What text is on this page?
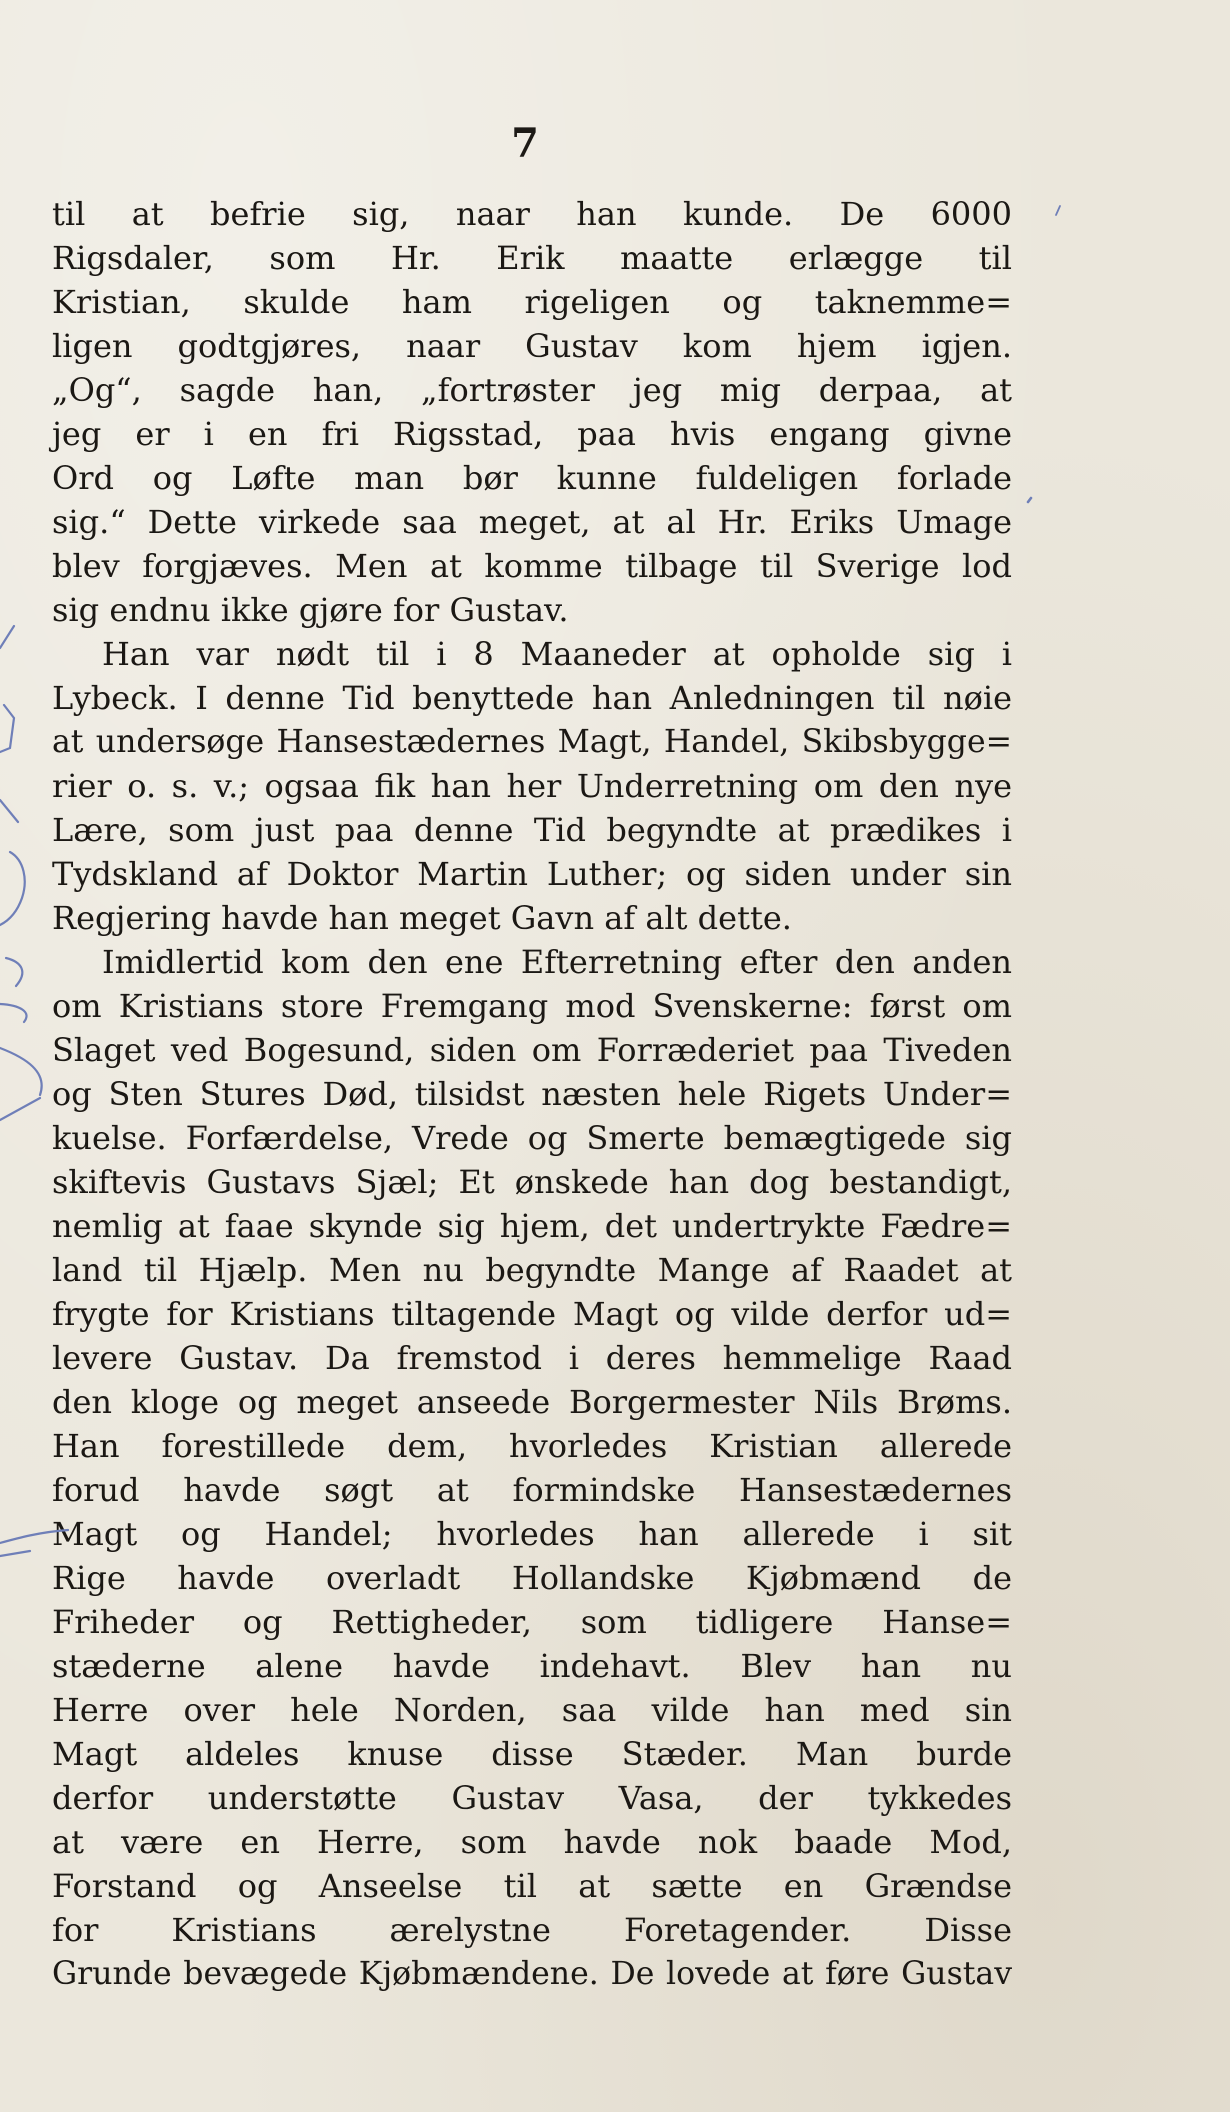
7
til at befrie sig, naar han kunde. De 6000
Rigsdaler, som Hr. Erik maatte erlægge til
Kristian, skulde ham rigeligen og taknemme=
ligen godtgjøres, naar Gustav kom hjem igjen.
„Og“, sagde han, „fortrøster jeg mig derpaa, at
jeg er i en fri Rigsstad, paa hvis engang givne
Ord og Løfte man bør kunne fuldeligen forlade
sig.“ Dette virkede saa meget, at al Hr. Eriks Umage
blev forgjæves. Men at komme tilbage til Sverige lod
sig endnu ikke gjøre for Gustav.
Han var nødt til i 8 Maaneder at opholde sig i
Lybeck. I denne Tid benyttede han Anledningen til nøie
at undersøge Hansestædernes Magt, Handel, Skibsbygge=
rier o. s. v.; ogsaa fik han her Underretning om den nye
Lære, som just paa denne Tid begyndte at prædikes i
Tydskland af Doktor Martin Luther; og siden under sin
Regjering havde han meget Gavn af alt dette.
Imidlertid kom den ene Efterretning efter den anden
om Kristians store Fremgang mod Svenskerne: først om
Slaget ved Bogesund, siden om Forræderiet paa Tiveden
og Sten Stures Død, tilsidst næsten hele Rigets Under=
kuelse. Forfærdelse, Vrede og Smerte bemægtigede sig
skiftevis Gustavs Sjæl; Et ønskede han dog bestandigt,
nemlig at faae skynde sig hjem, det undertrykte Fædre=
land til Hjælp. Men nu begyndte Mange af Raadet at
frygte for Kristians tiltagende Magt og vilde derfor ud=
levere Gustav. Da fremstod i deres hemmelige Raad
den kloge og meget anseede Borgermester Nils Brøms.
Han forestillede dem, hvorledes Kristian allerede
forud havde søgt at formindske Hansestædernes
Magt og Handel; hvorledes han allerede i sit
Rige havde overladt Hollandske Kjøbmænd de
Friheder og Rettigheder, som tidligere Hanse=
stæderne alene havde indehavt. Blev han nu
Herre over hele Norden, saa vilde han med sin
Magt aldeles knuse disse Stæder. Man burde
derfor understøtte Gustav Vasa, der tykkedes
at være en Herre, som havde nok baade Mod,
Forstand og Anseelse til at sætte en Grændse
for Kristians ærelystne Foretagender. Disse
Grunde bevægede Kjøbmændene. De lovede at føre Gustav
